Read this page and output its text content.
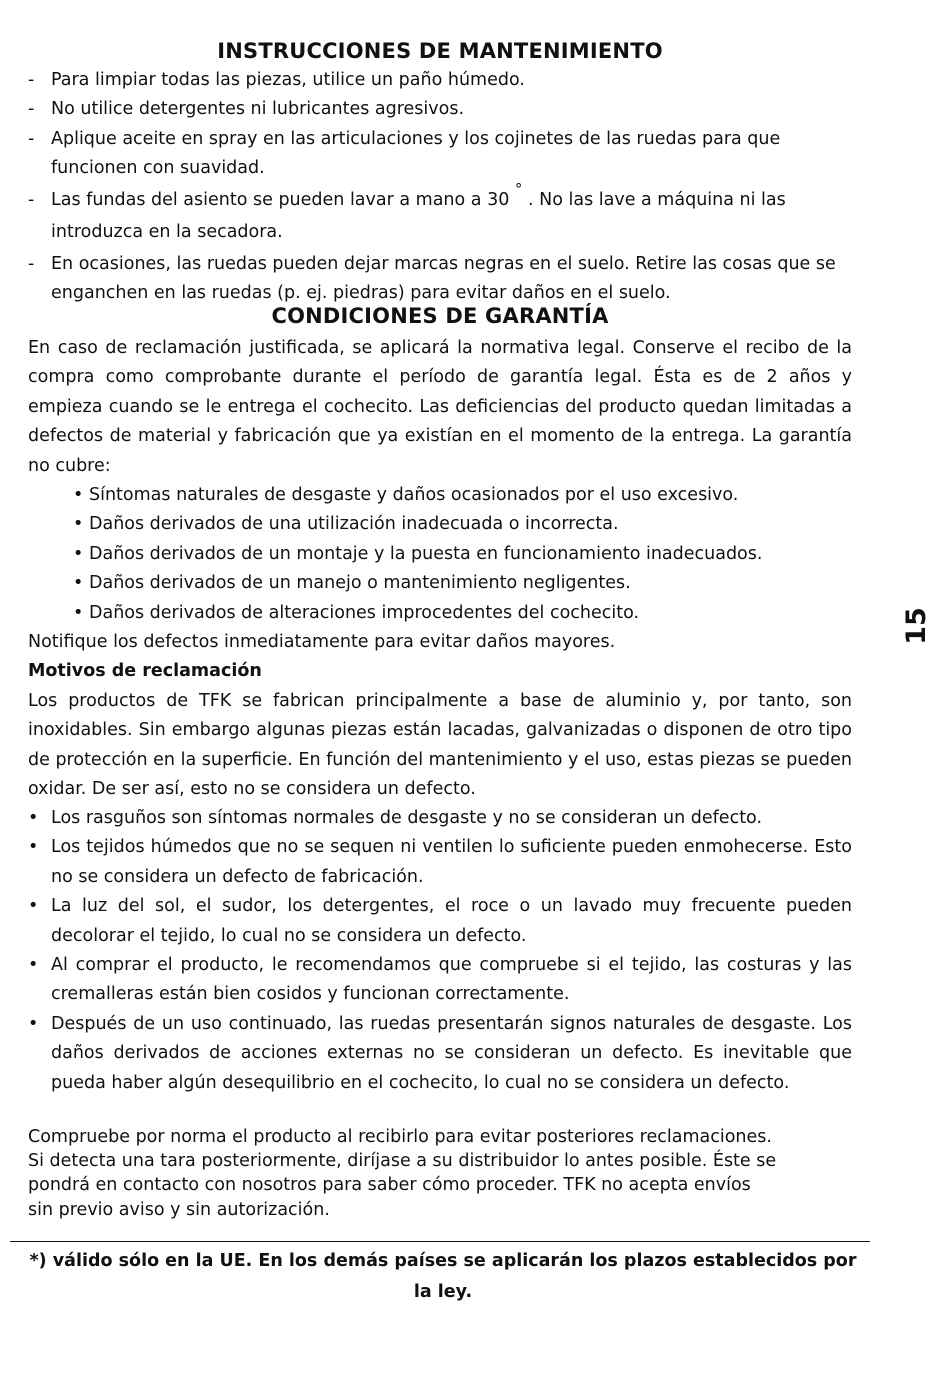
INSTRUCCIONES DE MANTENIMIENTO
- Para limpiar todas las piezas, utilice un paño húmedo.
- No utilice detergentes ni lubricantes agresivos.
- Aplique aceite en spray en las articulaciones y los cojinetes de las ruedas para que funcionen con suavidad.
- Las fundas del asiento se pueden lavar a mano a 30 ° . No las lave a máquina ni las introduzca en la secadora.
- En ocasiones, las ruedas pueden dejar marcas negras en el suelo. Retire las cosas que se enganchen en las ruedas (p. ej. piedras) para evitar daños en el suelo.
CONDICIONES DE GARANTÍA
En caso de reclamación justificada, se aplicará la normativa legal. Conserve el recibo de la compra como comprobante durante el período de garantía legal. Ésta es de 2 años y empieza cuando se le entrega el cochecito. Las deficiencias del producto quedan limitadas a defectos de material y fabricación que ya existían en el momento de la entrega. La garantía no cubre:
• Síntomas naturales de desgaste y daños ocasionados por el uso excesivo.
• Daños derivados de una utilización inadecuada o incorrecta.
• Daños derivados de un montaje y la puesta en funcionamiento inadecuados.
• Daños derivados de un manejo o mantenimiento negligentes.
• Daños derivados de alteraciones improcedentes del cochecito.
Notifique los defectos inmediatamente para evitar daños mayores.
Motivos de reclamación
Los productos de TFK se fabrican principalmente a base de aluminio y, por tanto, son inoxidables. Sin embargo algunas piezas están lacadas, galvanizadas o disponen de otro tipo de protección en la superficie. En función del mantenimiento y el uso, estas piezas se pueden oxidar. De ser así, esto no se considera un defecto.
• Los rasguños son síntomas normales de desgaste y no se consideran un defecto.
• Los tejidos húmedos que no se sequen ni ventilen lo suficiente pueden enmohecerse. Esto no se considera un defecto de fabricación.
• La luz del sol, el sudor, los detergentes, el roce o un lavado muy frecuente pueden decolorar el tejido, lo cual no se considera un defecto.
• Al comprar el producto, le recomendamos que compruebe si el tejido, las costuras y las cremalleras están bien cosidos y funcionan correctamente.
• Después de un uso continuado, las ruedas presentarán signos naturales de desgaste. Los daños derivados de acciones externas no se consideran un defecto. Es inevitable que pueda haber algún desequilibrio en el cochecito, lo cual no se considera un defecto.
Compruebe por norma el producto al recibirlo para evitar posteriores reclamaciones.
Si detecta una tara posteriormente, diríjase a su distribuidor lo antes posible. Éste se
pondrá en contacto con nosotros para saber cómo proceder. TFK no acepta envíos
sin previo aviso y sin autorización.
*) válido sólo en la UE. En los demás países se aplicarán los plazos establecidos por la ley.
15
